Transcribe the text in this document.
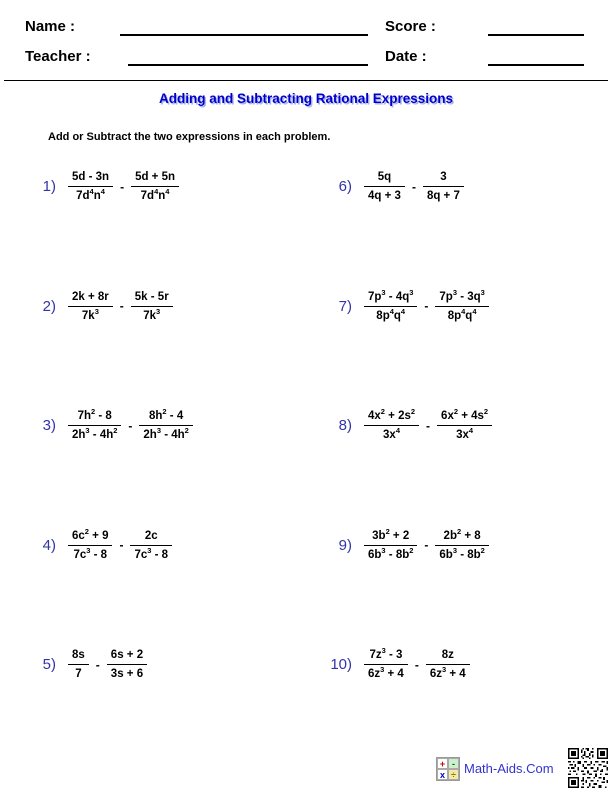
Name :	Score :
Teacher :	Date :
Adding and Subtracting Rational Expressions
Add or Subtract the two expressions in each problem.
$1) \frac{5d - 3n}{7d^4n^4} - \frac{5d + 5n}{7d^4n^4}$
$2) \frac{2k + 8r}{7k^3} - \frac{5k - 5r}{7k^3}$
$3) \frac{7h^2 - 8}{2h^3 - 4h^2} - \frac{8h^2 - 4}{2h^3 - 4h^2}$
$4) \frac{6c^2 + 9}{7c^3 - 8} - \frac{2c}{7c^3 - 8}$
$5) \frac{8s}{7} - \frac{6s + 2}{3s + 6}$
$6) \frac{5q}{4q + 3} - \frac{3}{8q + 7}$
$7) \frac{7p^3 - 4q^3}{8p^4q^4} - \frac{7p^3 - 3q^3}{8p^4q^4}$
$8) \frac{4x^2 + 2s^2}{3x^4} - \frac{6x^2 + 4s^2}{3x^4}$
$9) \frac{3b^2 + 2}{6b^3 - 8b^2} - \frac{2b^2 + 8}{6b^3 - 8b^2}$
$10) \frac{7z^3 - 3}{6z^3 + 4} - \frac{8z}{6z^3 + 4}$
+ -
x ÷ Math-Aids.Com
